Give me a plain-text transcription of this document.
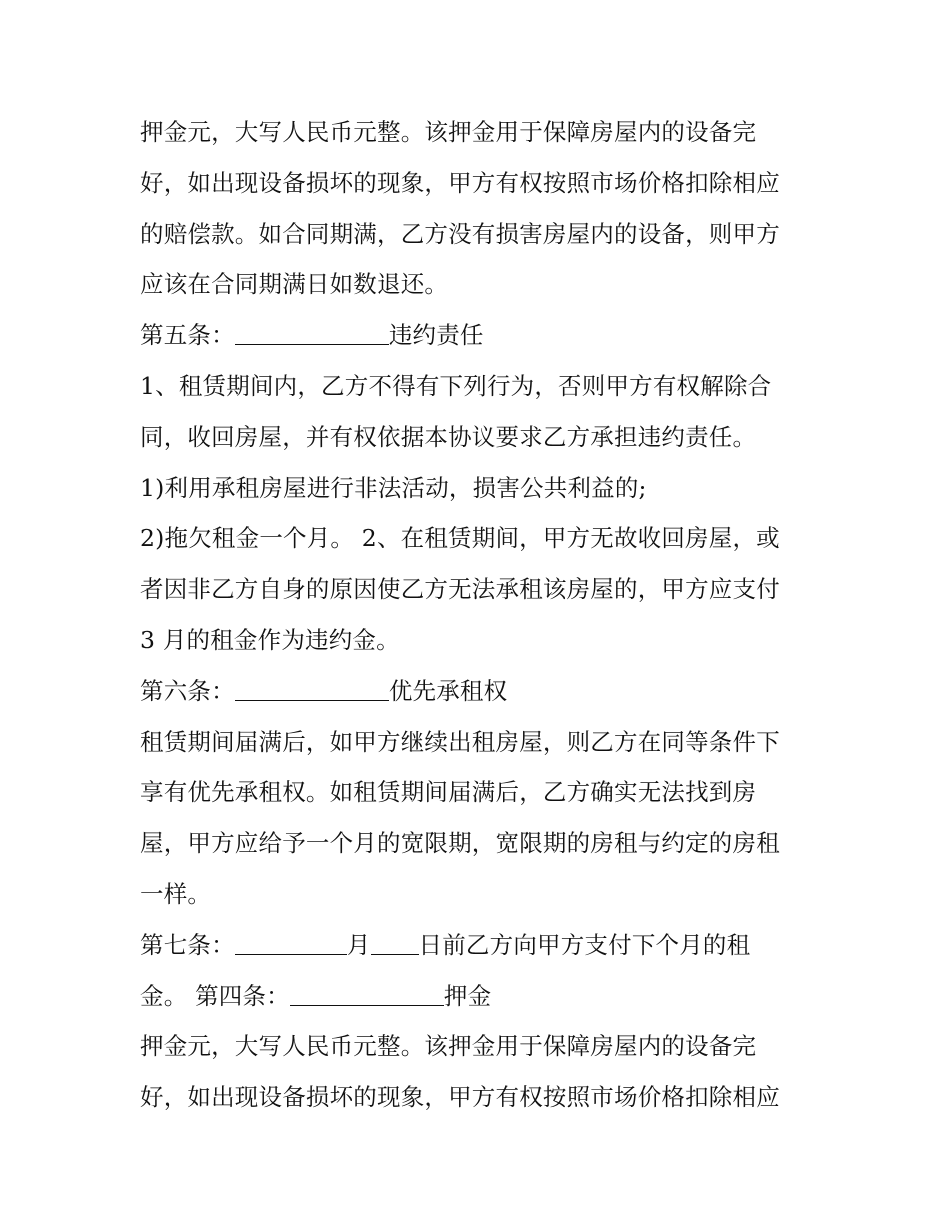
押金元，大写人民币元整。该押金用于保障房屋内的设备完
好，如出现设备损坏的现象，甲方有权按照市场价格扣除相应
的赔偿款。如合同期满，乙方没有损害房屋内的设备，则甲方
应该在合同期满日如数退还。
第五条：	违约责任
1、租赁期间内，乙方不得有下列行为，否则甲方有权解除合
同，收回房屋，并有权依据本协议要求乙方承担违约责任。
1)利用承租房屋进行非法活动，损害公共利益的;
2)拖欠租金一个月。 2、在租赁期间，甲方无故收回房屋，或
者因非乙方自身的原因使乙方无法承租该房屋的，甲方应支付
3 月的租金作为违约金。
第六条：	优先承租权
租赁期间届满后，如甲方继续出租房屋，则乙方在同等条件下
享有优先承租权。如租赁期间届满后，乙方确实无法找到房
屋，甲方应给予一个月的宽限期，宽限期的房租与约定的房租
一样。
第七条：	月 日前乙方向甲方支付下个月的租
金。 第四条：	押金
押金元，大写人民币元整。该押金用于保障房屋内的设备完
好，如出现设备损坏的现象，甲方有权按照市场价格扣除相应
